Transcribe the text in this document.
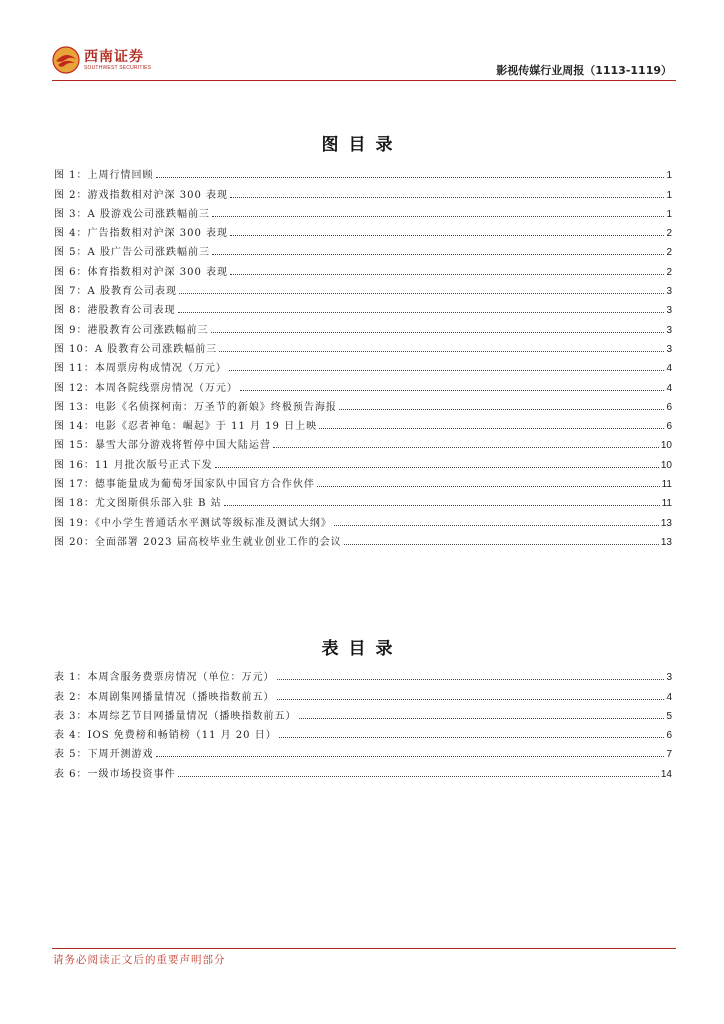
西南证券
SOUTHWEST SECURITIES	影视传媒行业周报（1113-1119）
图目录
图 1：上周行情回顾	1
图 2：游戏指数相对沪深 300 表现	1
图 3：A 股游戏公司涨跌幅前三	1
图 4：广告指数相对沪深 300 表现	2
图 5：A 股广告公司涨跌幅前三	2
图 6：体育指数相对沪深 300 表现	2
图 7：A 股教育公司表现	3
图 8：港股教育公司表现	3
图 9：港股教育公司涨跌幅前三	3
图 10：A 股教育公司涨跌幅前三	3
图 11：本周票房构成情况（万元）	4
图 12：本周各院线票房情况（万元）	4
图 13：电影《名侦探柯南：万圣节的新娘》终极预告海报	6
图 14：电影《忍者神龟：崛起》于 11 月 19 日上映	6
图 15：暴雪大部分游戏将暂停中国大陆运营	10
图 16：11 月批次版号正式下发	10
图 17：德事能量成为葡萄牙国家队中国官方合作伙伴	11
图 18：尤文图斯俱乐部入驻 B 站	11
图 19：《中小学生普通话水平测试等级标准及测试大纲》	13
图 20：全面部署 2023 届高校毕业生就业创业工作的会议	13
表目录
表 1：本周含服务费票房情况（单位：万元）	3
表 2：本周剧集网播量情况（播映指数前五）	4
表 3：本周综艺节目网播量情况（播映指数前五）	5
表 4：IOS 免费榜和畅销榜（11 月 20 日）	6
表 5：下周开测游戏	7
表 6：一级市场投资事件	14
请务必阅读正文后的重要声明部分
